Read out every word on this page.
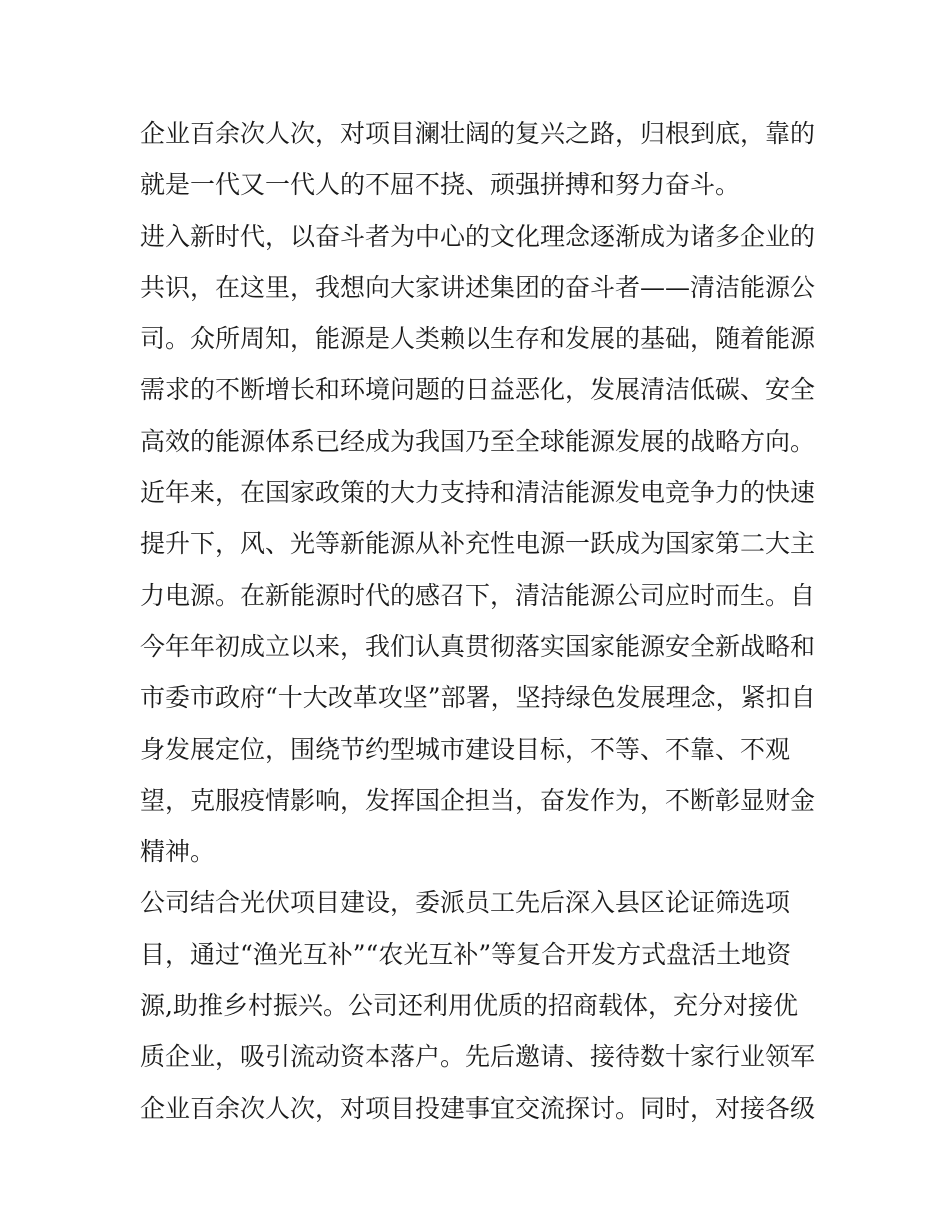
企业百余次人次，对项目澜壮阔的复兴之路，归根到底，靠的
就是一代又一代人的不屈不挠、顽强拼搏和努力奋斗。
进入新时代，以奋斗者为中心的文化理念逐渐成为诸多企业的
共识，在这里，我想向大家讲述集团的奋斗者——清洁能源公
司。众所周知，能源是人类赖以生存和发展的基础，随着能源
需求的不断增长和环境问题的日益恶化，发展清洁低碳、安全
高效的能源体系已经成为我国乃至全球能源发展的战略方向。
近年来，在国家政策的大力支持和清洁能源发电竞争力的快速
提升下，风、光等新能源从补充性电源一跃成为国家第二大主
力电源。在新能源时代的感召下，清洁能源公司应时而生。自
今年年初成立以来，我们认真贯彻落实国家能源安全新战略和
市委市政府“十大改革攻坚”部署，坚持绿色发展理念，紧扣自
身发展定位，围绕节约型城市建设目标，不等、不靠、不观
望，克服疫情影响，发挥国企担当，奋发作为，不断彰显财金
精神。
公司结合光伏项目建设，委派员工先后深入县区论证筛选项
目，通过“渔光互补”“农光互补”等复合开发方式盘活土地资
源,助推乡村振兴。公司还利用优质的招商载体，充分对接优
质企业，吸引流动资本落户。先后邀请、接待数十家行业领军
企业百余次人次，对项目投建事宜交流探讨。同时，对接各级
